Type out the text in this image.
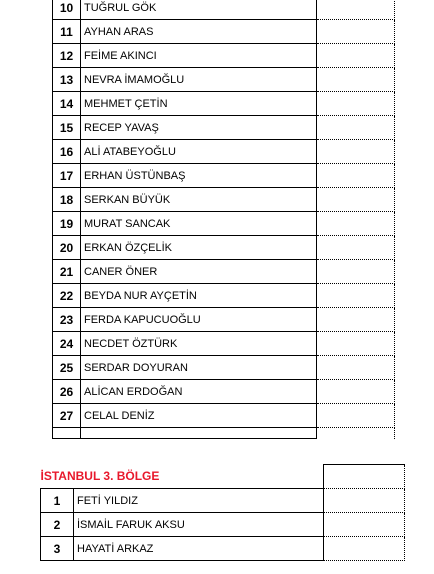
10	TUĞRUL GÖK	
11	AYHAN ARAS	
12	FEİME AKINCI	
13	NEVRA İMAMOĞLU	
14	MEHMET ÇETİN	
15	RECEP YAVAŞ	
16	ALİ ATABEYOĞLU	
17	ERHAN ÜSTÜNBAŞ	
18	SERKAN BÜYÜK	
19	MURAT SANCAK	
20	ERKAN ÖZÇELİK	
21	CANER ÖNER	
22	BEYDA NUR AYÇETİN	
23	FERDA KAPUCUOĞLU	
24	NECDET ÖZTÜRK	
25	SERDAR DOYURAN	
26	ALİCAN ERDOĞAN	
27	CELAL DENİZ	

İSTANBUL 3. BÖLGE		
1	FETİ YILDIZ	
2	İSMAİL FARUK AKSU	
3	HAYATİ ARKAZ	
